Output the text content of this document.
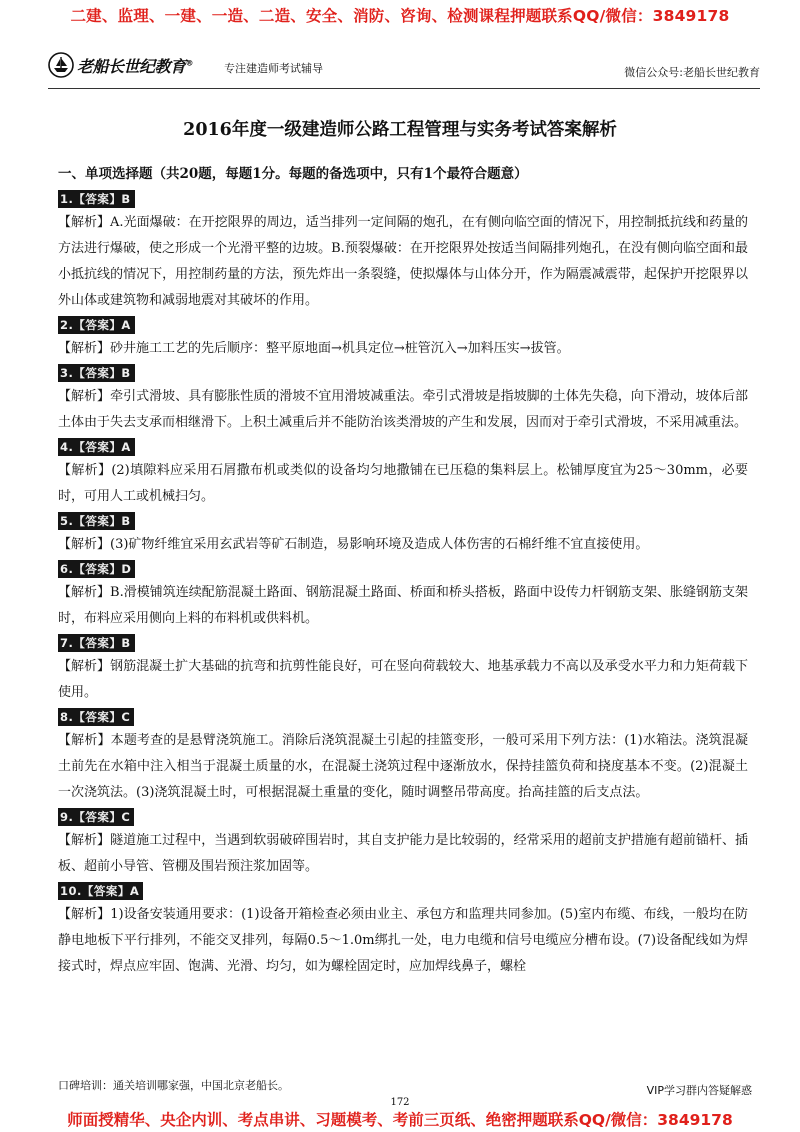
二建、监理、一建、一造、二造、安全、消防、咨询、检测课程押题联系QQ/微信：3849178
老船长世纪教育®	专注建造师考试辅导	微信公众号:老船长世纪教育
2016年度一级建造师公路工程管理与实务考试答案解析
一、单项选择题（共20题，每题1分。每题的备选项中，只有1个最符合题意）
1.【答案】B

【解析】A.光面爆破：在开挖限界的周边，适当排列一定间隔的炮孔，在有侧向临空面的情况下，用控制抵抗线和药量的方法进行爆破，使之形成一个光滑平整的边坡。B.预裂爆破：在开挖限界处按适当间隔排列炮孔，在没有侧向临空面和最小抵抗线的情况下，用控制药量的方法，预先炸出一条裂缝，使拟爆体与山体分开，作为隔震减震带，起保护开挖限界以外山体或建筑物和减弱地震对其破坏的作用。

2.【答案】A

【解析】砂井施工工艺的先后顺序：整平原地面→机具定位→桩管沉入→加料压实→拔管。

3.【答案】B

【解析】牵引式滑坡、具有膨胀性质的滑坡不宜用滑坡减重法。牵引式滑坡是指坡脚的土体先失稳，向下滑动，坡体后部土体由于失去支承而相继滑下。上积土减重后并不能防治该类滑坡的产生和发展，因而对于牵引式滑坡，不采用减重法。

4.【答案】A

【解析】(2)填隙料应采用石屑撒布机或类似的设备均匀地撒铺在已压稳的集料层上。松铺厚度宜为25～30mm，必要时，可用人工或机械扫匀。

5.【答案】B

【解析】(3)矿物纤维宜采用玄武岩等矿石制造，易影响环境及造成人体伤害的石棉纤维不宜直接使用。

6.【答案】D

【解析】B.滑模铺筑连续配筋混凝土路面、钢筋混凝土路面、桥面和桥头搭板，路面中设传力杆钢筋支架、胀缝钢筋支架时，布料应采用侧向上料的布料机或供料机。

7.【答案】B

【解析】钢筋混凝土扩大基础的抗弯和抗剪性能良好，可在竖向荷载较大、地基承载力不高以及承受水平力和力矩荷载下使用。

8.【答案】C

【解析】本题考查的是悬臂浇筑施工。消除后浇筑混凝土引起的挂篮变形，一般可采用下列方法：(1)水箱法。浇筑混凝土前先在水箱中注入相当于混凝土质量的水，在混凝土浇筑过程中逐渐放水，保持挂篮负荷和挠度基本不变。(2)混凝土一次浇筑法。(3)浇筑混凝土时，可根据混凝土重量的变化，随时调整吊带高度。抬高挂篮的后支点法。

9.【答案】C

【解析】隧道施工过程中，当遇到软弱破碎围岩时，其自支护能力是比较弱的，经常采用的超前支护措施有超前锚杆、插板、超前小导管、管棚及围岩预注浆加固等。

10.【答案】A

【解析】1)设备安装通用要求：(1)设备开箱检查必须由业主、承包方和监理共同参加。(5)室内布缆、布线，一般均在防静电地板下平行排列，不能交叉排列，每隔0.5～1.0m绑扎一处，电力电缆和信号电缆应分槽布设。(7)设备配线如为焊接式时，焊点应牢固、饱满、光滑、均匀，如为螺栓固定时，应加焊线鼻子，螺栓

口碑培训：通关培训哪家强，中国北京老船长。	VIP学习群内答疑解惑
172
师面授精华、央企内训、考点串讲、习题模考、考前三页纸、绝密押题联系QQ/微信：3849178
